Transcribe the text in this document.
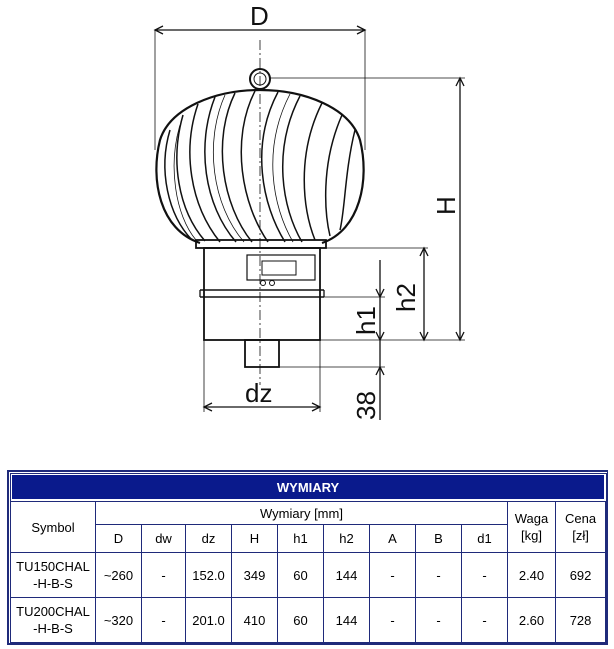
D
H
h2
h1
38
dz
WYMIARY											
Symbol	Wymiary [mm]									Waga
[kg]	Cena
[zł]
	D	dw	dz	H	h1	h2	A	B	d1		
TU150CHAL
-H-B-S	~260	-	152.0	349	60	144	-	-	-	2.40	692
TU200CHAL
-H-B-S	~320	-	201.0	410	60	144	-	-	-	2.60	728
